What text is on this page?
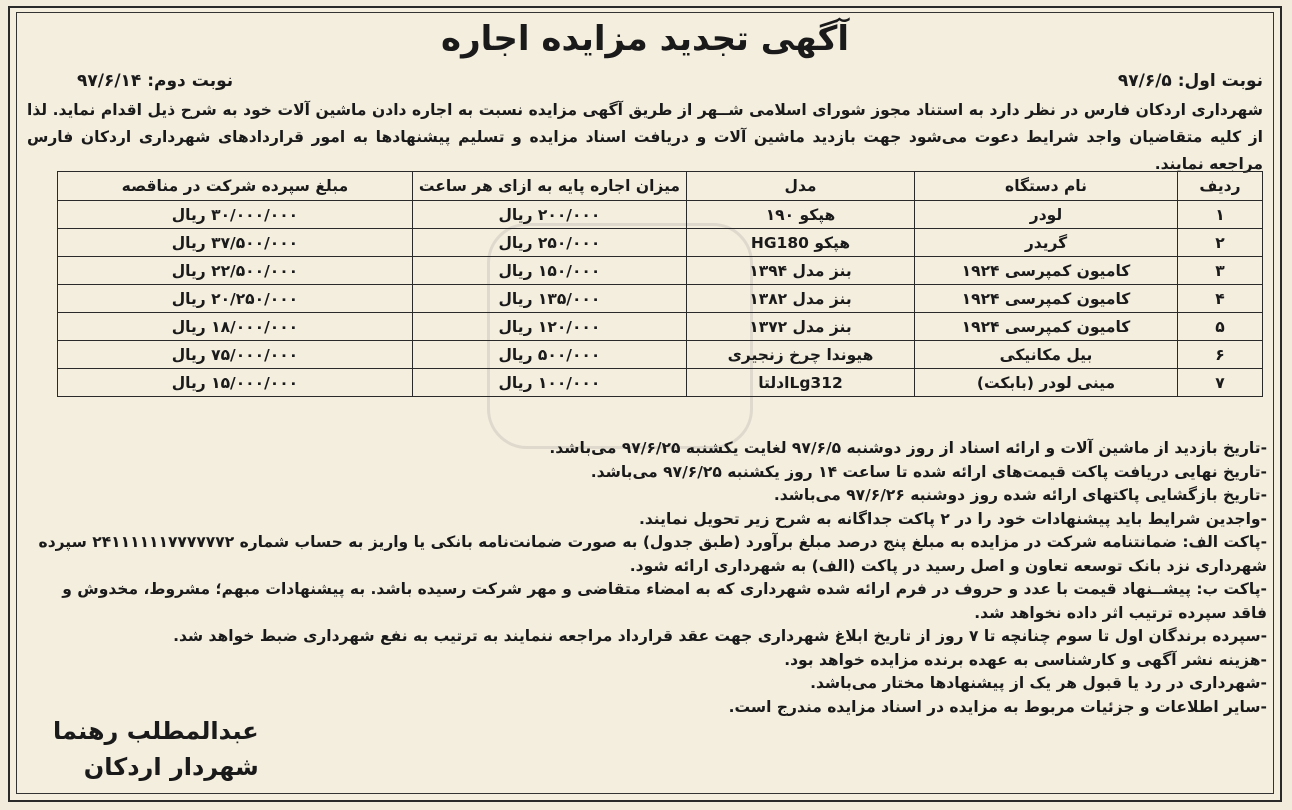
آگهی تجدید مزایده اجاره
نوبت اول: ۹۷/۶/۵
نوبت دوم: ۹۷/۶/۱۴
شهرداری اردکان فارس در نظر دارد به استناد مجوز شورای اسلامی شــهر از طریق آگهی مزایده نسبت به اجاره دادن ماشین آلات خود به شرح ذیل اقدام نماید. لذا از کلیه متقاضیان واجد شرایط دعوت می‌شود جهت بازدید ماشین آلات و دریافت اسناد مزایده و تسلیم پیشنهادها به امور قراردادهای شهرداری اردکان فارس مراجعه نمایند.
ردیف	نام دستگاه	مدل	میزان اجاره پایه به ازای هر ساعت	مبلغ سپرده شرکت در مناقصه
۱	لودر	هپکو ۱۹۰	۲۰۰/۰۰۰ ریال	۳۰/۰۰۰/۰۰۰ ریال
۲	گریدر	هپکو HG180	۲۵۰/۰۰۰ ریال	۳۷/۵۰۰/۰۰۰ ریال
۳	کامیون کمپرسی ۱۹۲۴	بنز مدل ۱۳۹۴	۱۵۰/۰۰۰ ریال	۲۲/۵۰۰/۰۰۰ ریال
۴	کامیون کمپرسی ۱۹۲۴	بنز مدل ۱۳۸۲	۱۳۵/۰۰۰ ریال	۲۰/۲۵۰/۰۰۰ ریال
۵	کامیون کمپرسی ۱۹۲۴	بنز مدل ۱۳۷۲	۱۲۰/۰۰۰ ریال	۱۸/۰۰۰/۰۰۰ ریال
۶	بیل مکانیکی	هیوندا چرخ زنجیری	۵۰۰/۰۰۰ ریال	۷۵/۰۰۰/۰۰۰ ریال
۷	مینی لودر (بابکت)	Lg312ادلتا	۱۰۰/۰۰۰ ریال	۱۵/۰۰۰/۰۰۰ ریال

-تاریخ بازدید از ماشین آلات و ارائه اسناد از روز دوشنبه ۹۷/۶/۵ لغایت یکشنبه ۹۷/۶/۲۵ می‌باشد.

-تاریخ نهایی دریافت پاکت قیمت‌های ارائه شده تا ساعت ۱۴ روز یکشنبه ۹۷/۶/۲۵ می‌باشد.

-تاریخ بازگشایی پاکتهای ارائه شده روز دوشنبه ۹۷/۶/۲۶ می‌باشد.

-واجدین شرایط باید پیشنهادات خود را در ۲ پاکت جداگانه به شرح زیر تحویل نمایند.

-پاکت الف: ضمانتنامه شرکت در مزایده به مبلغ پنج درصد مبلغ برآورد (طبق جدول) به صورت ضمانت‌نامه بانکی یا واریز به حساب شماره ۲۴۱۱۱۱۱۱۷۷۷۷۷۷۲ سپرده شهرداری نزد بانک توسعه تعاون و اصل رسید در پاکت (الف) به شهرداری ارائه شود.

-پاکت ب: پیشــنهاد قیمت با عدد و حروف در فرم ارائه شده شهرداری که به امضاء متقاضی و مهر شرکت رسیده باشد. به پیشنهادات مبهم؛ مشروط، مخدوش و فاقد سپرده ترتیب اثر داده نخواهد شد.

-سپرده برندگان اول تا سوم چنانچه تا ۷ روز از تاریخ ابلاغ شهرداری جهت عقد قرارداد مراجعه ننمایند به ترتیب به نفع شهرداری ضبط خواهد شد.

-هزینه نشر آگهی و کارشناسی به عهده برنده مزایده خواهد بود.

-شهرداری در رد یا قبول هر یک از پیشنهادها مختار می‌باشد.

-سایر اطلاعات و جزئیات مربوط به مزایده در اسناد مزایده مندرج است.

عبدالمطلب رهنما
شهردار اردکان
